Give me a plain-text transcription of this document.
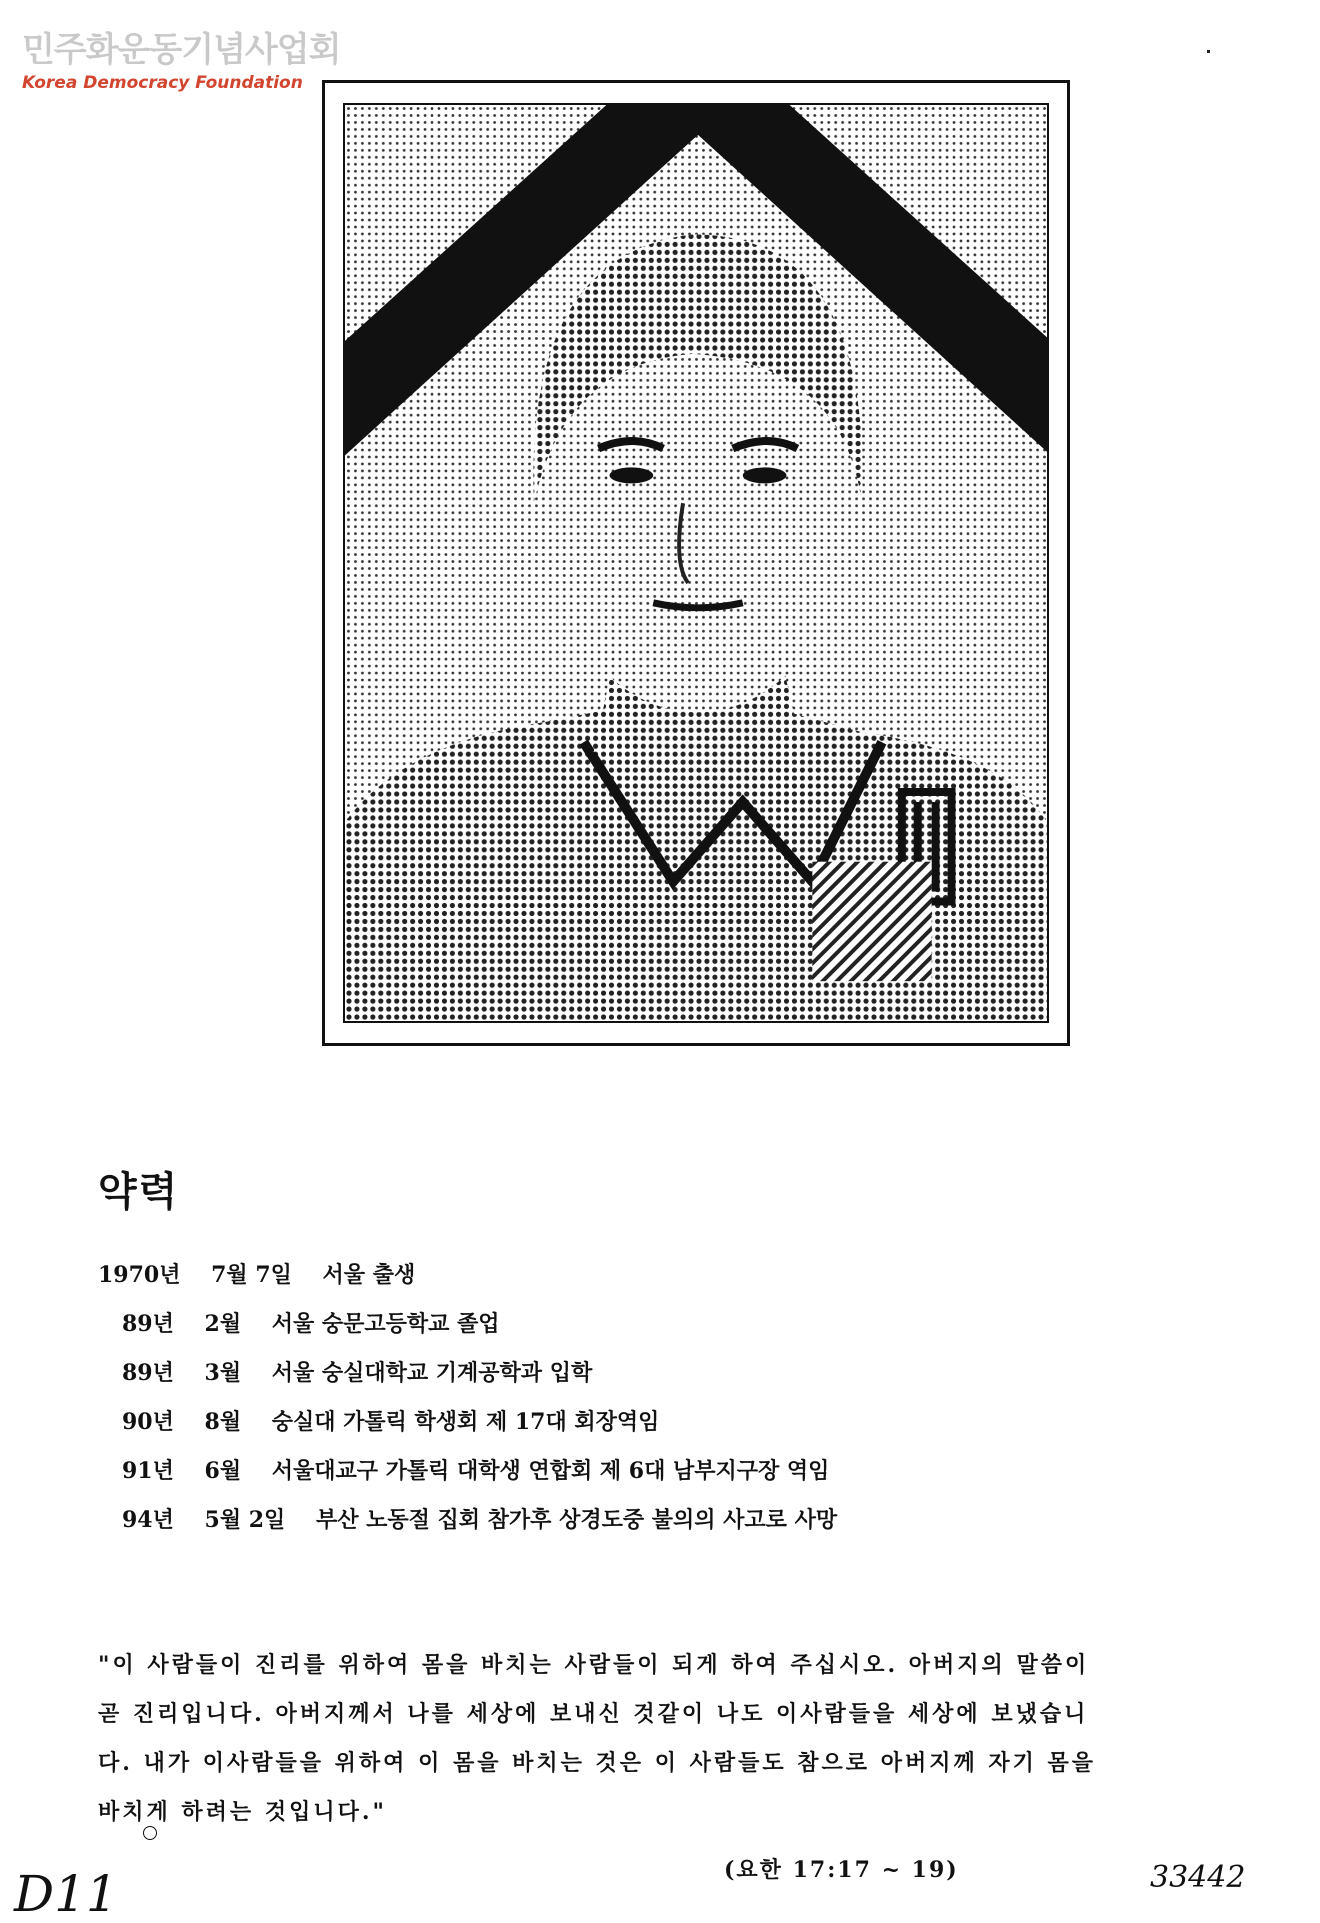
민주화운동기념사업회
Korea Democracy Foundation
약력
1970년

7월 7일

서울 출생
89년

2월

서울 숭문고등학교 졸업
89년

3월

서울 숭실대학교 기계공학과 입학
90년

8월

숭실대 가톨릭 학생회 제 17대 회장역임
91년

6월

서울대교구 가톨릭 대학생 연합회 제 6대 남부지구장 역임
94년

5월 2일

부산 노동절 집회 참가후 상경도중 불의의 사고로 사망
"이 사람들이 진리를 위하여 몸을 바치는 사람들이 되게 하여 주십시오. 아버지의 말씀이
곧 진리입니다. 아버지께서 나를 세상에 보내신 것같이 나도 이사람들을 세상에 보냈습니
다. 내가 이사람들을 위하여 이 몸을 바치는 것은 이 사람들도 참으로 아버지께 자기 몸을
바치게 하려는 것입니다."
(요한 17:17 ~ 19)
D11	33442
